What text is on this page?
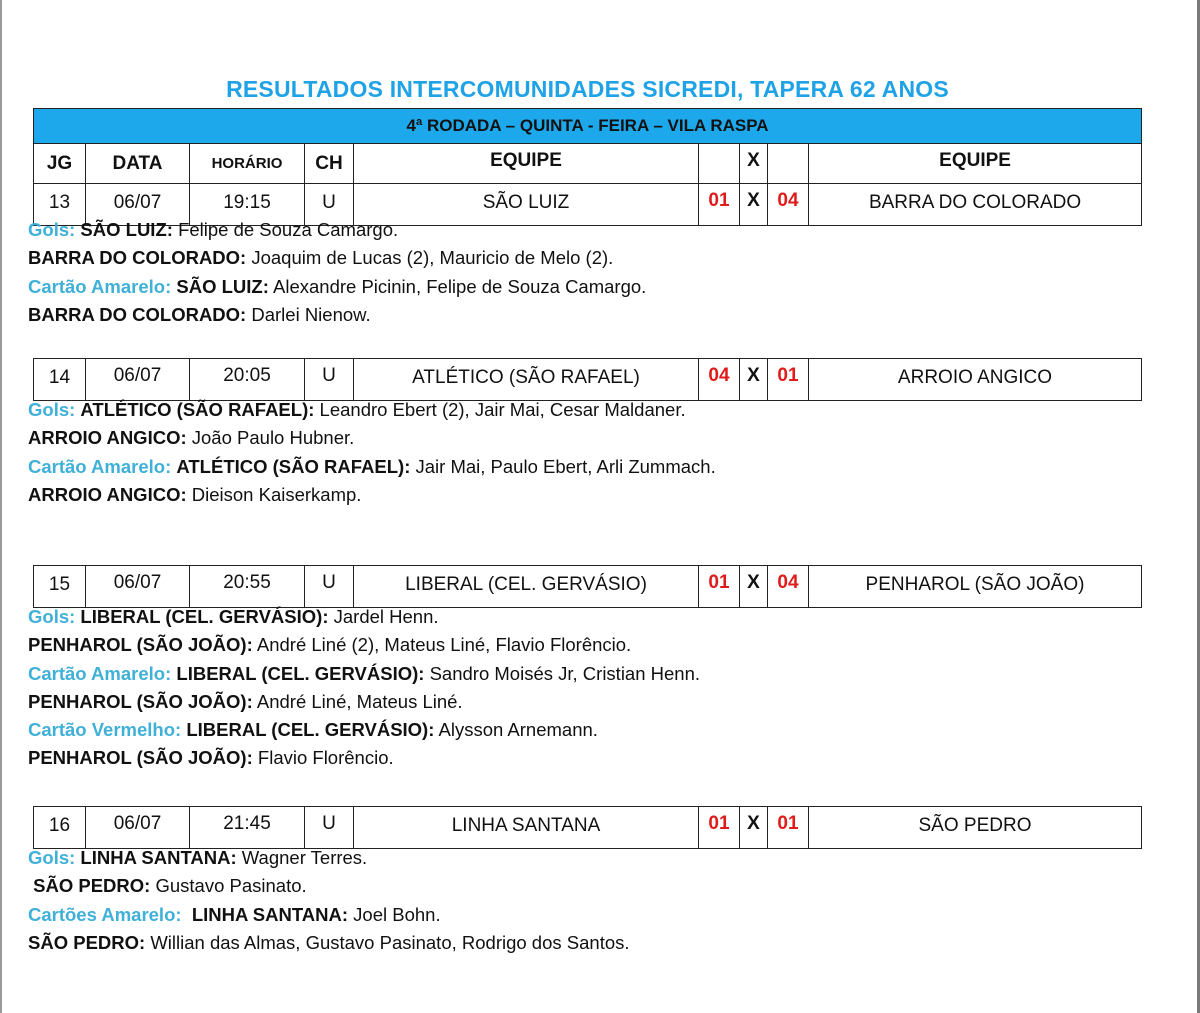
RESULTADOS INTERCOMUNIDADES SICREDI, TAPERA 62 ANOS
4ª RODADA – QUINTA - FEIRA – VILA RASPA								
JG	DATA	HORÁRIO	CH	EQUIPE		X		EQUIPE
13	06/07	19:15	U	SÃO LUIZ	01	X	04	BARRA DO COLORADO
Gols: SÃO LUIZ: Felipe de Souza Camargo.
BARRA DO COLORADO: Joaquim de Lucas (2), Mauricio de Melo (2).
Cartão Amarelo: SÃO LUIZ: Alexandre Picinin, Felipe de Souza Camargo.
BARRA DO COLORADO: Darlei Nienow.
14	06/07	20:05	U	ATLÉTICO (SÃO RAFAEL)	04	X	01	ARROIO ANGICO
Gols: ATLÉTICO (SÃO RAFAEL): Leandro Ebert (2), Jair Mai, Cesar Maldaner.
ARROIO ANGICO: João Paulo Hubner.
Cartão Amarelo: ATLÉTICO (SÃO RAFAEL): Jair Mai, Paulo Ebert, Arli Zummach.
ARROIO ANGICO: Dieison Kaiserkamp.
15	06/07	20:55	U	LIBERAL (CEL. GERVÁSIO)	01	X	04	PENHAROL (SÃO JOÃO)
Gols: LIBERAL (CEL. GERVÁSIO): Jardel Henn.
PENHAROL (SÃO JOÃO): André Liné (2), Mateus Liné, Flavio Florêncio.
Cartão Amarelo: LIBERAL (CEL. GERVÁSIO): Sandro Moisés Jr, Cristian Henn.
PENHAROL (SÃO JOÃO): André Liné, Mateus Liné.
Cartão Vermelho: LIBERAL (CEL. GERVÁSIO): Alysson Arnemann.
PENHAROL (SÃO JOÃO): Flavio Florêncio.
16	06/07	21:45	U	LINHA SANTANA	01	X	01	SÃO PEDRO
Gols: LINHA SANTANA: Wagner Terres.
SÃO PEDRO: Gustavo Pasinato.
Cartões Amarelo: LINHA SANTANA: Joel Bohn.
SÃO PEDRO: Willian das Almas, Gustavo Pasinato, Rodrigo dos Santos.
